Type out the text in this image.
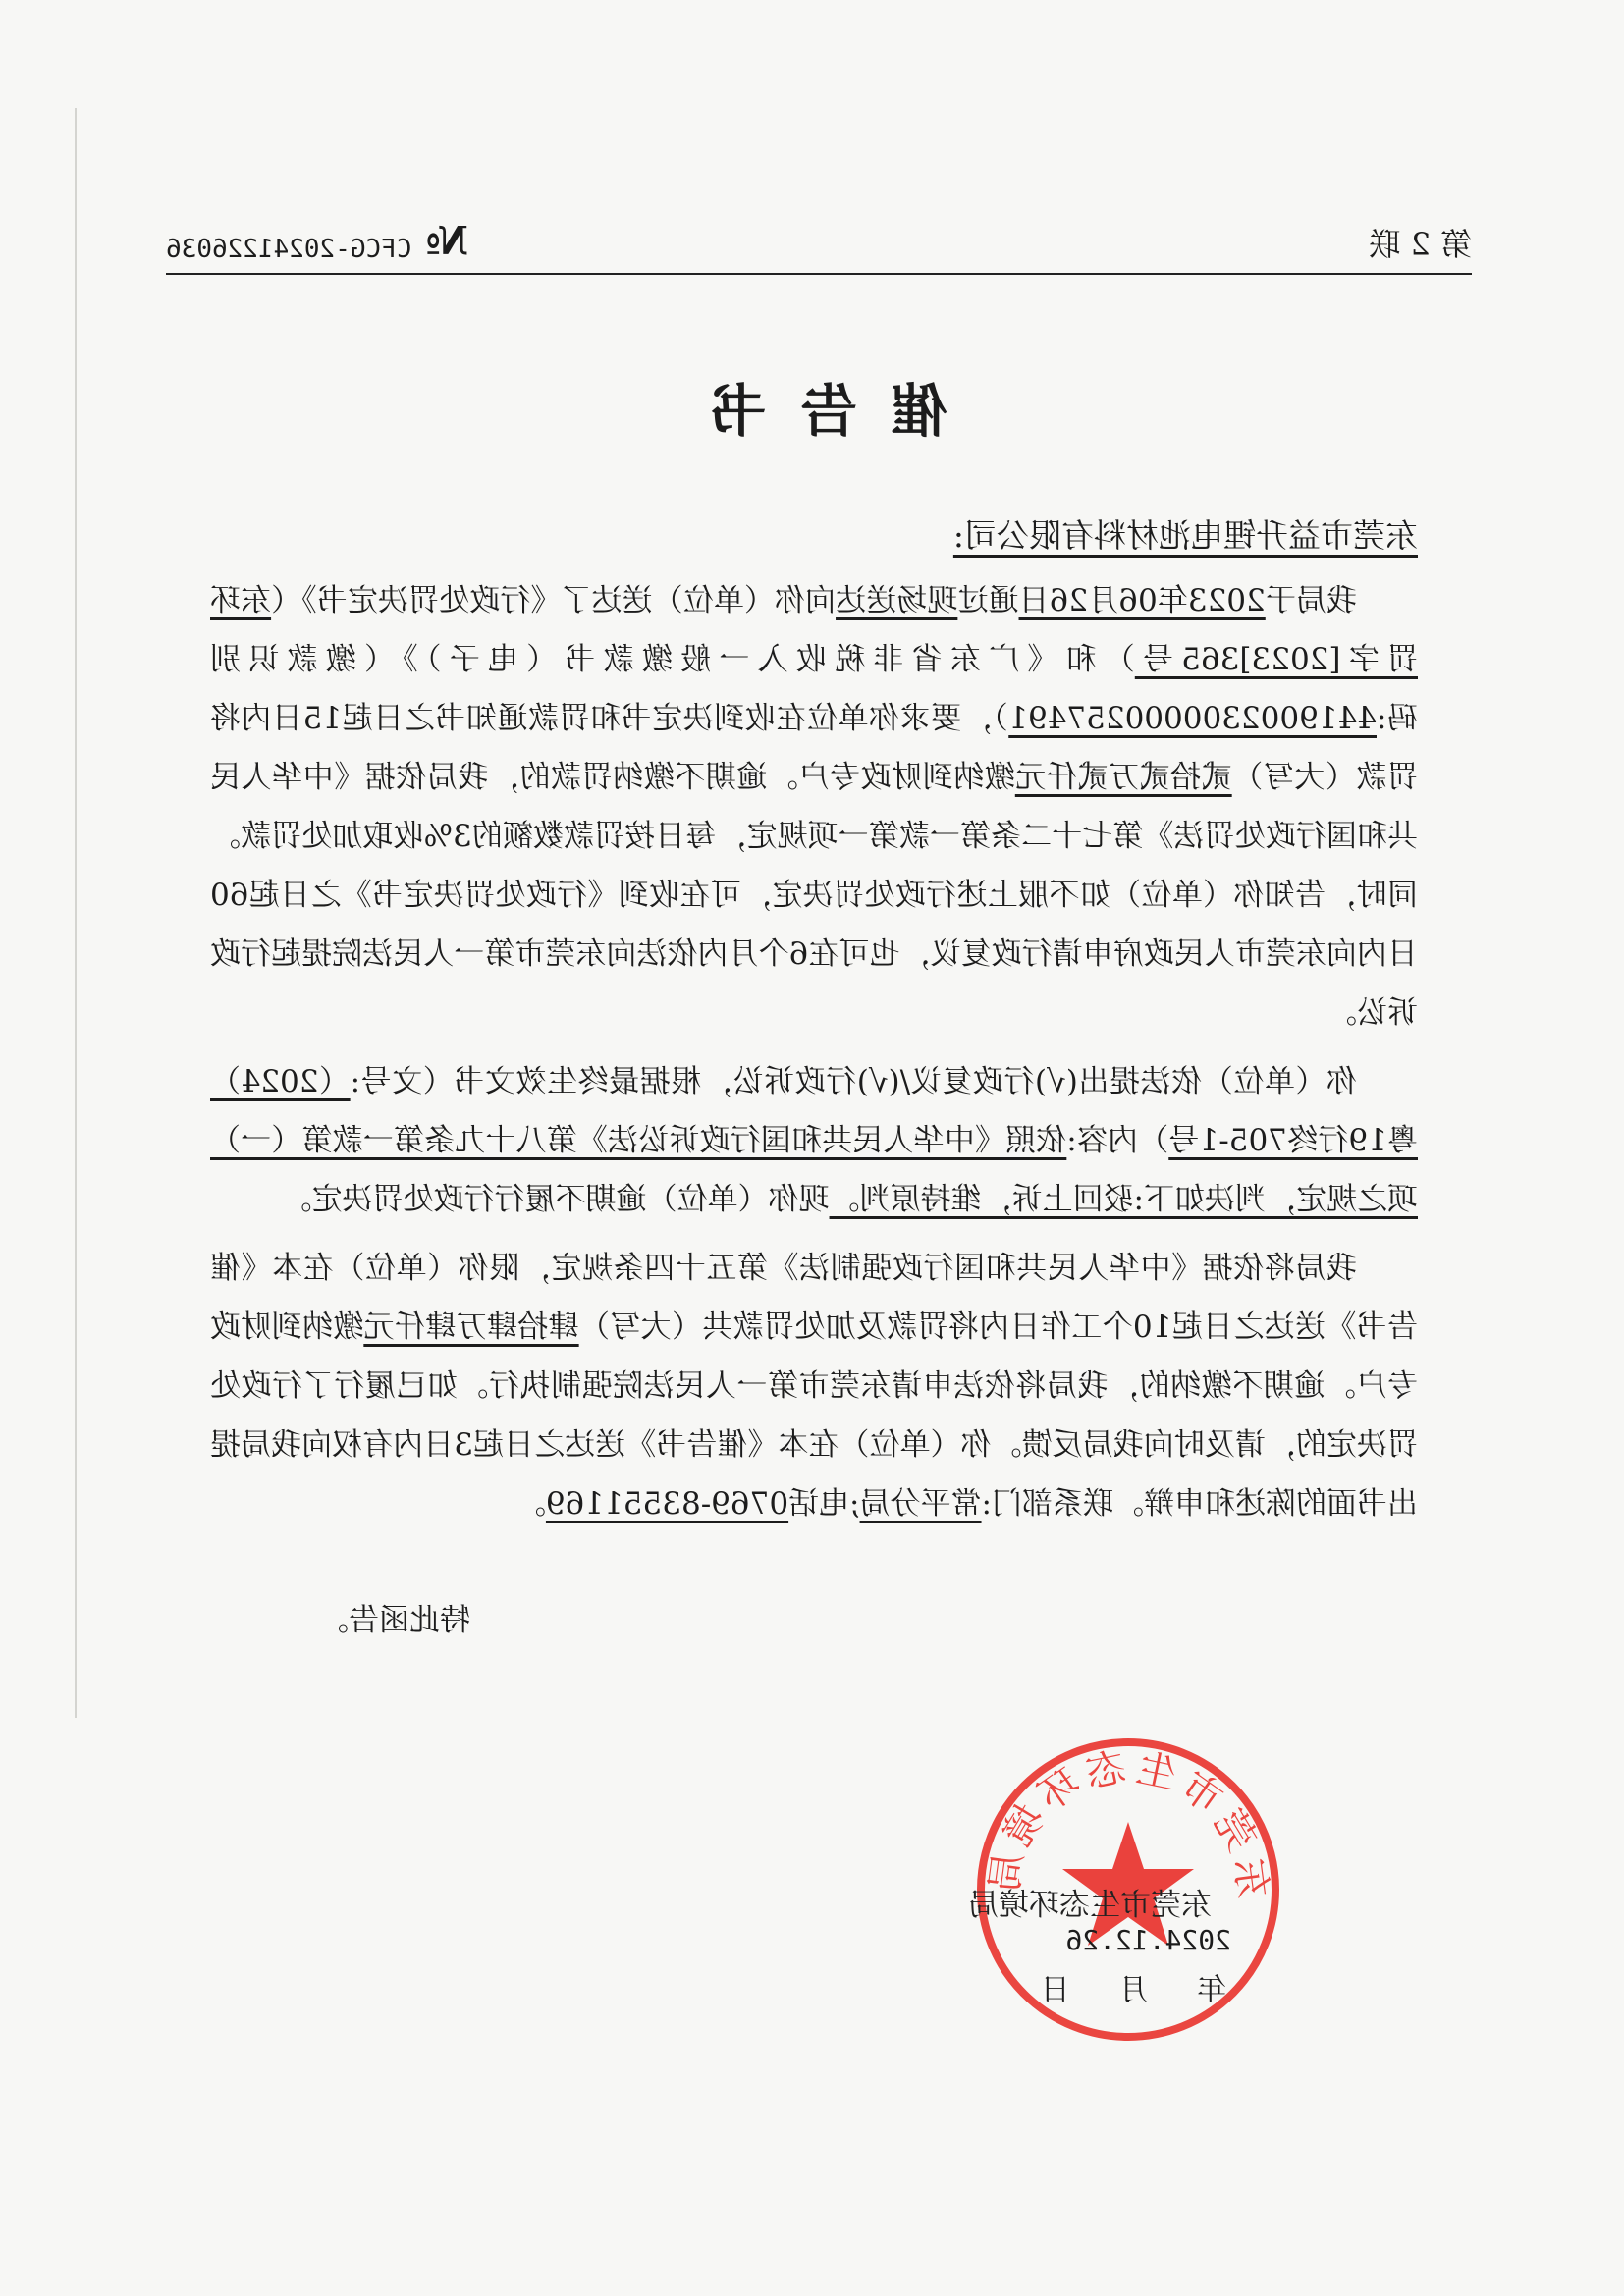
第 2 联
№
CFCG-20241226036
催告书
东莞市益升锂电池材料有限公司:

我局于2023年06月26日通过现场送达向你（单位）送达了《行政处罚决定书》（东环罚字[2023]365号）和《广东省非税收入一般缴款书（电子）》（缴款识别码:4419002300000257491），要求你单位在收到决定书和罚款通知书之日起15日内将罚款（大写）贰拾贰万贰仟元缴纳到财政专户。逾期不缴纳罚款的，我局依据《中华人民共和国行政处罚法》第七十二条第一款第一项规定，每日按罚款数额的3%收取加处罚款。同时，告知你（单位）如不服上述行政处罚决定，可在收到《行政处罚决定书》之日起60日内向东莞市人民政府申请行政复议，也可在6个月内依法向东莞市第一人民法院提起行政诉讼。

你（单位）依法提出(√)行政复议/(√)行政诉讼，根据最终生效文书（文号:（2024）粤19行终705-1号）内容:依照《中华人民共和国行政诉讼法》第八十九条第一款第（一）项之规定，判决如下:驳回上诉，维持原判。现你（单位）逾期不履行行政处罚决定。

我局将依据《中华人民共和国行政强制法》第五十四条规定，限你（单位）在本《催告书》送达之日起10个工作日内将罚款及加处罚款共（大写）肆拾肆万肆仟元缴纳到财政专户。逾期不缴纳的，我局将依法申请东莞市第一人民法院强制执行。如已履行了行政处罚决定的，请及时向我局反馈。你（单位）在本《催告书》送达之日起3日内有权向我局提出书面的陈述和申辩。联系部门:常平分局;电话0769-83551169。

特此函告。
东莞市生态环境局
东莞市生态环境局
2024.12.26
年 月 日
